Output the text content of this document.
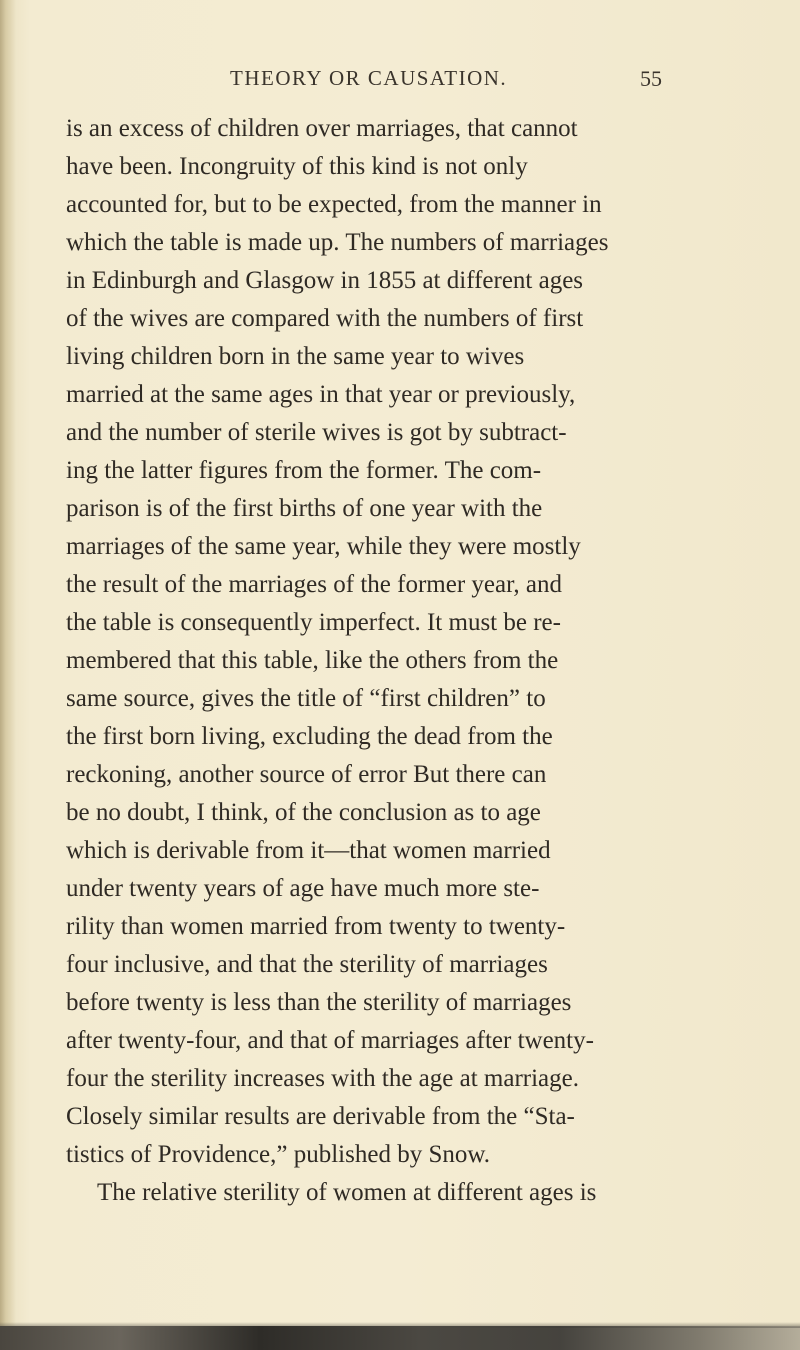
THEORY OR CAUSATION.	55
is an excess of children over marriages, that cannot
have been. Incongruity of this kind is not only
accounted for, but to be expected, from the manner in
which the table is made up. The numbers of marriages
in Edinburgh and Glasgow in 1855 at different ages
of the wives are compared with the numbers of first
living children born in the same year to wives
married at the same ages in that year or previously,
and the number of sterile wives is got by subtract-
ing the latter figures from the former. The com-
parison is of the first births of one year with the
marriages of the same year, while they were mostly
the result of the marriages of the former year, and
the table is consequently imperfect. It must be re-
membered that this table, like the others from the
same source, gives the title of “first children” to
the first born living, excluding the dead from the
reckoning, another source of error But there can
be no doubt, I think, of the conclusion as to age
which is derivable from it—that women married
under twenty years of age have much more ste-
rility than women married from twenty to twenty-
four inclusive, and that the sterility of marriages
before twenty is less than the sterility of marriages
after twenty-four, and that of marriages after twenty-
four the sterility increases with the age at marriage.
Closely similar results are derivable from the “Sta-
tistics of Providence,” published by Snow.
The relative sterility of women at different ages is
